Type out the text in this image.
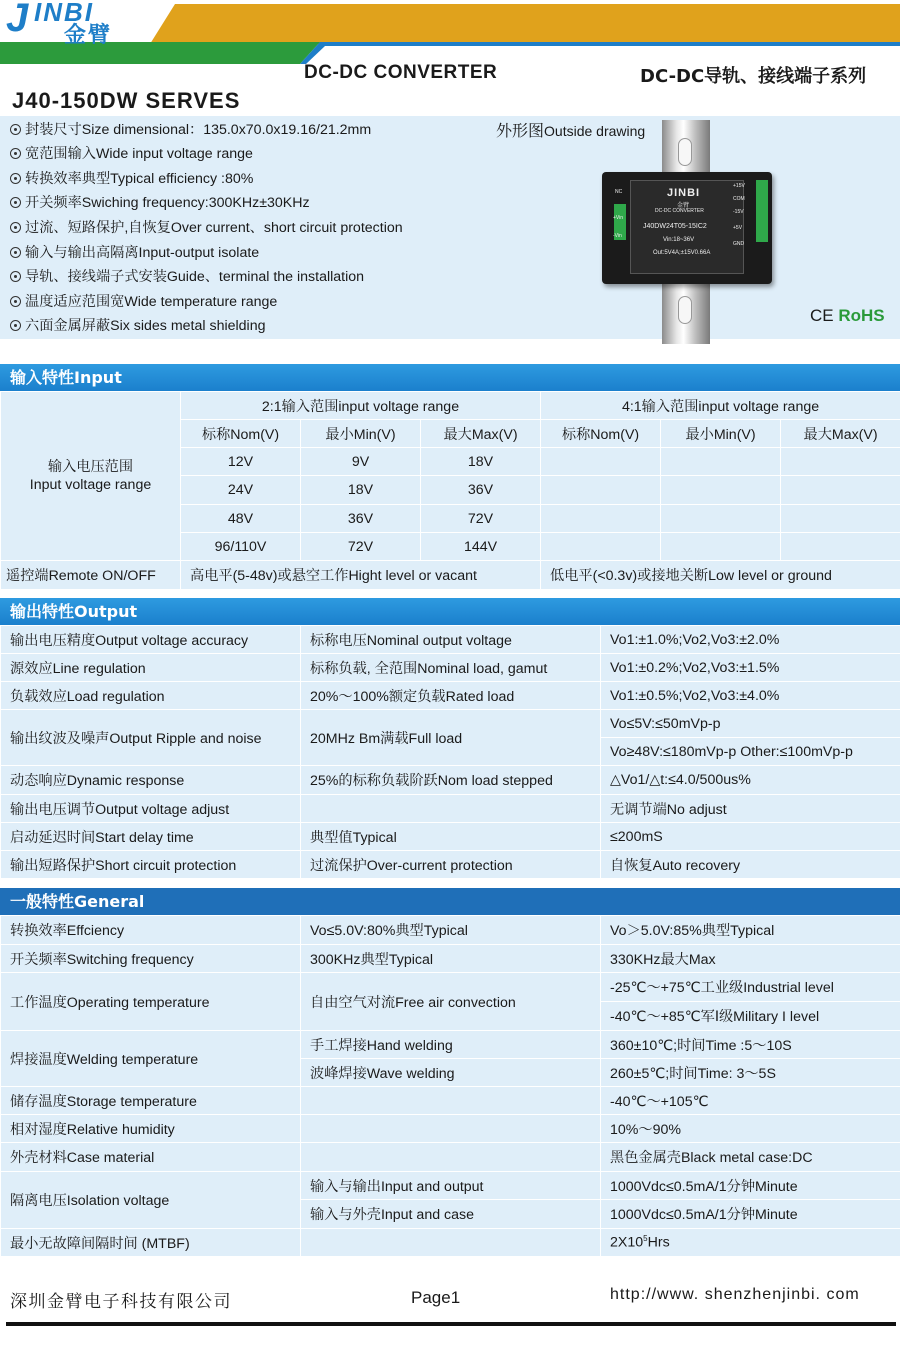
J INBI
金臂
DC-DC CONVERTER	DC-DC导轨、接线端子系列
J40-150DW SERVES
封装尺寸Size dimensional：135.0x70.0x19.16/21.2mm
宽范围输入Wide input voltage range
转换效率典型Typical efficiency :80%
开关频率Swiching frequency:300KHz±30KHz
过流、短路保护,自恢复Over current、short circuit protection
输入与输出高隔离Input-output isolate
导轨、接线端子式安装Guide、terminal the installation
温度适应范围宽Wide temperature range
六面金属屏蔽Six sides metal shielding
外形图Outside drawing
JINBI
金臂
DC-DC CONVERTER
J40DW24T05-15IC2
Vin:18~36V
Out:5V4A;±15V0.66A
NC
+Vin
-Vin
+15V
COM
-15V
+5V
GND
CE RoHS
输入特性Input
输入电压范围
Input voltage range	2:1输入范围input voltage range			4:1输入范围input voltage range		
	标称Nom(V)	最小Min(V)	最大Max(V)	标称Nom(V)	最小Min(V)	最大Max(V)
	12V	9V	18V			
	24V	18V	36V			
	48V	36V	72V			
	96/110V	72V	144V			
遥控端Remote ON/OFF	高电平(5-48v)或悬空工作Hight level or vacant			低电平(<0.3v)或接地关断Low level or ground		
输出特性Output
输出电压精度Output voltage accuracy	标称电压Nominal output voltage	Vo1:±1.0%;Vo2,Vo3:±2.0%
源效应Line regulation	标称负载, 全范围Nominal load, gamut	Vo1:±0.2%;Vo2,Vo3:±1.5%
负载效应Load regulation	20%～100%额定负载Rated load	Vo1:±0.5%;Vo2,Vo3:±4.0%
输出纹波及噪声Output Ripple and noise	20MHz Bm满载Full load	Vo≤5V:≤50mVp-p
		Vo≥48V:≤180mVp-p Other:≤100mVp-p
动态响应Dynamic response	25%的标称负载阶跃Nom load stepped	△Vo1/△t:≤4.0/500us%
输出电压调节Output voltage adjust		无调节端No adjust
启动延迟时间Start delay time	典型值Typical	≤200mS
输出短路保护Short circuit protection	过流保护Over-current protection	自恢复Auto recovery
一般特性General
转换效率Effciency	Vo≤5.0V:80%典型Typical	Vo＞5.0V:85%典型Typical
开关频率Switching frequency	300KHz典型Typical	330KHz最大Max
工作温度Operating temperature	自由空气对流Free air convection	-25℃～+75℃工业级Industrial level
		-40℃～+85℃军Ⅰ级Military I level
焊接温度Welding temperature	手工焊接Hand welding	360±10℃;时间Time :5～10S
	波峰焊接Wave welding	260±5℃;时间Time: 3～5S
储存温度Storage temperature		-40℃～+105℃
相对湿度Relative humidity		10%～90%
外壳材料Case material		黑色金属壳Black metal case:DC
隔离电压Isolation voltage	输入与输出Input and output	1000Vdc≤0.5mA/1分钟Minute
	输入与外壳Input and case	1000Vdc≤0.5mA/1分钟Minute
最小无故障间隔时间 (MTBF)		$2X10^5Hrs$
深圳金臂电子科技有限公司	Page1	http://www. shenzhenjinbi. com
